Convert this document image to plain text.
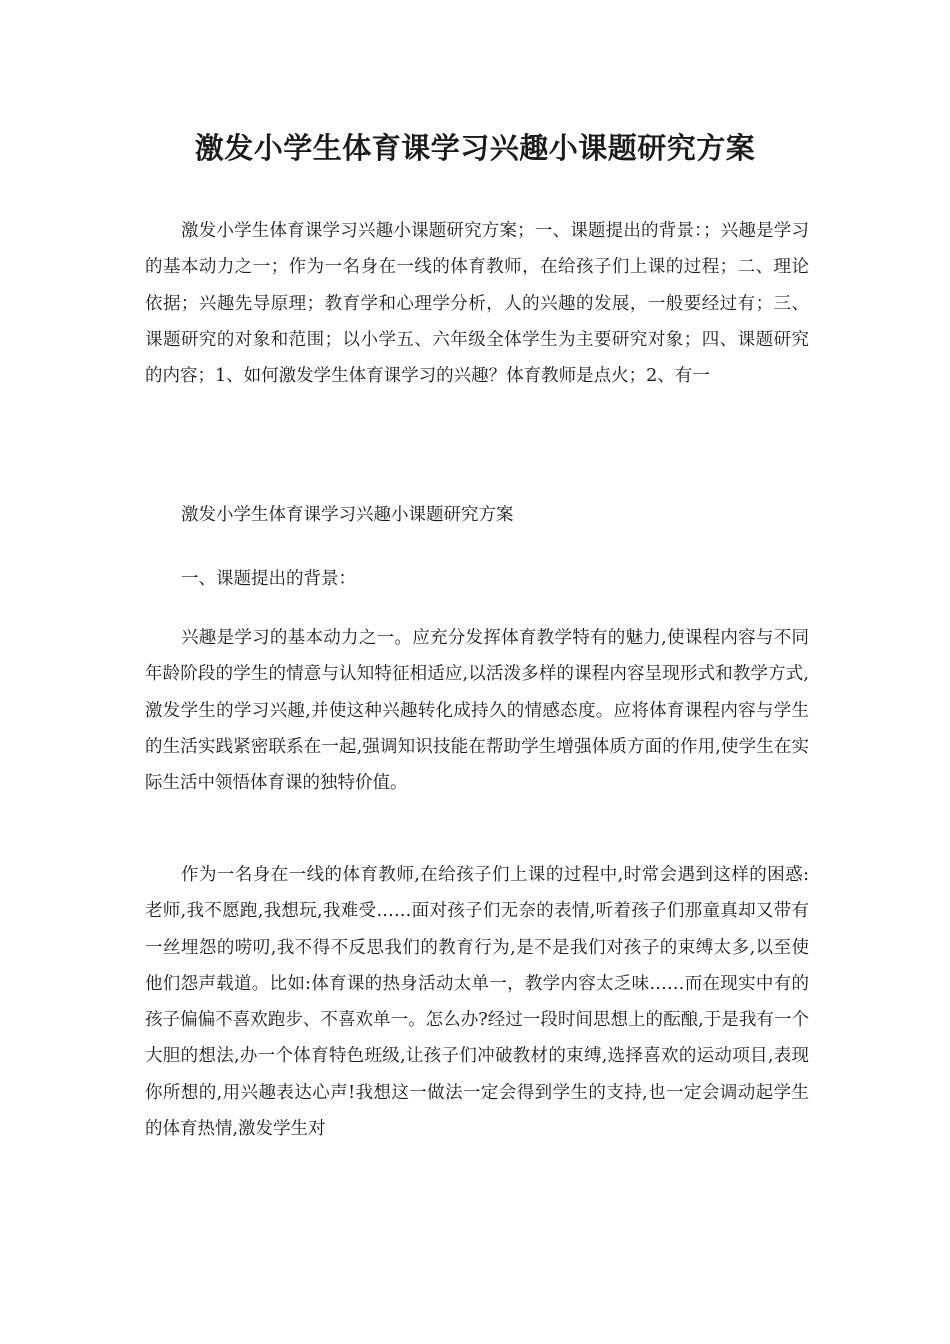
激发小学生体育课学习兴趣小课题研究方案

激发小学生体育课学习兴趣小课题研究方案；一、课题提出的背景：；兴趣是学习的基本动力之一；作为一名身在一线的体育教师，在给孩子们上课的过程；二、理论依据；兴趣先导原理；教育学和心理学分析，人的兴趣的发展，一般要经过有；三、课题研究的对象和范围；以小学五、六年级全体学生为主要研究对象；四、课题研究的内容；1、如何激发学生体育课学习的兴趣？体育教师是点火；2、有一

激发小学生体育课学习兴趣小课题研究方案

一、课题提出的背景：

兴趣是学习的基本动力之一。应充分发挥体育教学特有的魅力,使课程内容与不同年龄阶段的学生的情意与认知特征相适应,以活泼多样的课程内容呈现形式和教学方式,激发学生的学习兴趣,并使这种兴趣转化成持久的情感态度。应将体育课程内容与学生的生活实践紧密联系在一起,强调知识技能在帮助学生增强体质方面的作用,使学生在实际生活中领悟体育课的独特价值。

作为一名身在一线的体育教师,在给孩子们上课的过程中,时常会遇到这样的困惑:老师,我不愿跑,我想玩,我难受……面对孩子们无奈的表情,听着孩子们那童真却又带有一丝埋怨的唠叨,我不得不反思我们的教育行为,是不是我们对孩子的束缚太多,以至使他们怨声载道。比如:体育课的热身活动太单一，教学内容太乏味……而在现实中有的孩子偏偏不喜欢跑步、不喜欢单一。怎么办?经过一段时间思想上的酝酿,于是我有一个大胆的想法,办一个体育特色班级,让孩子们冲破教材的束缚,选择喜欢的运动项目,表现你所想的,用兴趣表达心声!我想这一做法一定会得到学生的支持,也一定会调动起学生的体育热情,激发学生对
